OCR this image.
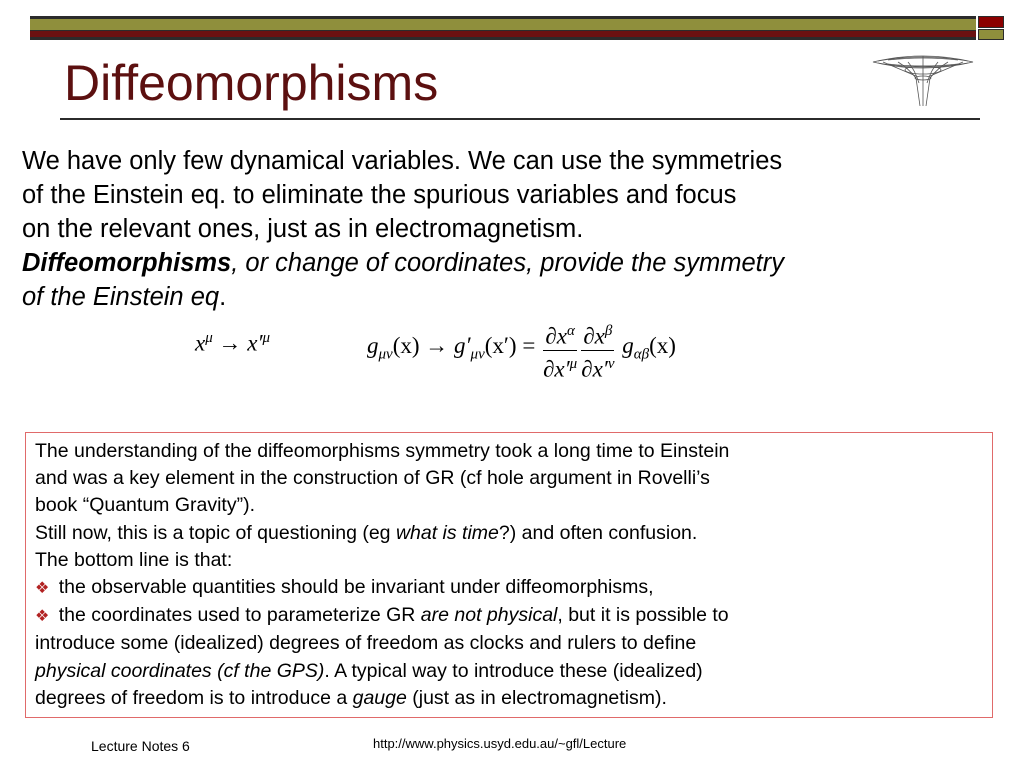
Diffeomorphisms

We have only few dynamical variables. We can use the symmetries

of the Einstein eq. to eliminate the spurious variables and focus

on the relevant ones, just as in electromagnetism.

Diffeomorphisms, or change of coordinates, provide the symmetry

of the Einstein eq.

$x^\mu \to x'^\mu$	$g_{\mu\nu}(x) \to g'_{\mu\nu}(x') = \frac{\partial x^\alpha}{\partial x'^\mu} \frac{\partial x^\beta}{\partial x'^\nu} g_{\alpha\beta}(x)$

The understanding of the diffeomorphisms symmetry took a long time to Einstein

and was a key element in the construction of GR (cf hole argument in Rovelli’s

book “Quantum Gravity”).

Still now, this is a topic of questioning (eg what is time?) and often confusion.

The bottom line is that:

❖ the observable quantities should be invariant under diffeomorphisms,

❖ the coordinates used to parameterize GR are not physical, but it is possible to

introduce some (idealized) degrees of freedom as clocks and rulers to define

physical coordinates (cf the GPS). A typical way to introduce these (idealized)

degrees of freedom is to introduce a gauge (just as in electromagnetism).

Lecture Notes 6	http://www.physics.usyd.edu.au/~gfl/Lecture
